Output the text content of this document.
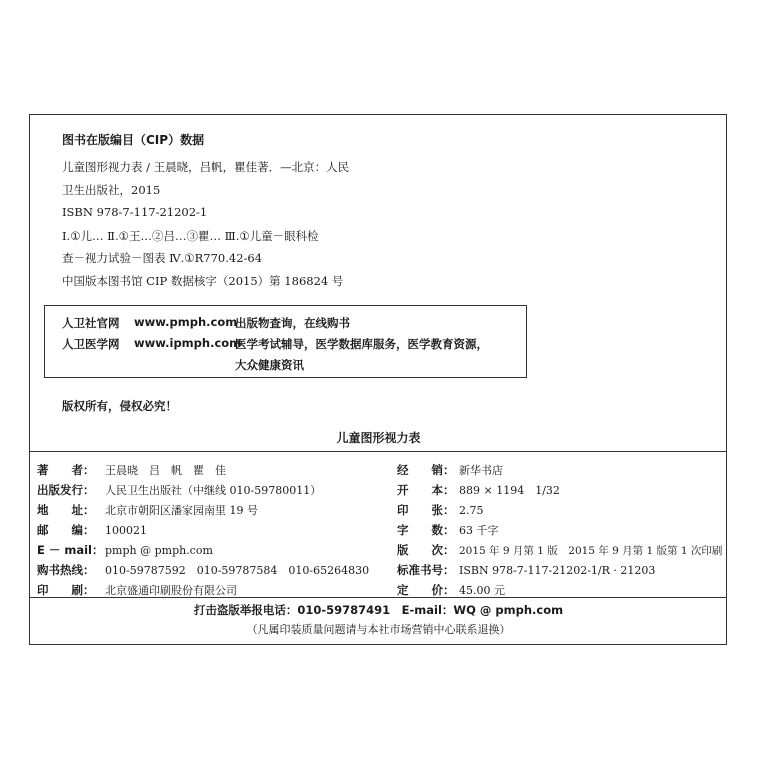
图书在版编目（CIP）数据
儿童图形视力表 / 王晨晓，吕帆，瞿佳著．—北京：人民
卫生出版社，2015
ISBN 978-7-117-21202-1
Ⅰ.①儿… Ⅱ.①王…②吕…③瞿… Ⅲ.①儿童－眼科检
查－视力试验－图表 Ⅳ.①R770.42-64
中国版本图书馆 CIP 数据核字（2015）第 186824 号
人卫社官网 www.pmph.com
出版物查询，在线购书
人卫医学网 www.ipmph.com
医学考试辅导，医学数据库服务，医学教育资源，
大众健康资讯
版权所有，侵权必究！
儿童图形视力表
著　　者： 王晨晓　吕　帆　瞿　佳
出版发行： 人民卫生出版社（中继线 010-59780011）
地　　址： 北京市朝阳区潘家园南里 19 号
邮　　编： 100021
E － mail： pmph @ pmph.com
购书热线： 010-59787592　010-59787584　010-65264830
印　　刷： 北京盛通印刷股份有限公司
经　　销： 新华书店
开　　本： 889 × 1194　1/32
印　　张： 2.75
字　　数： 63 千字
版　　次： 2015 年 9 月第 1 版　2015 年 9 月第 1 版第 1 次印刷
标准书号： ISBN 978-7-117-21202-1/R · 21203
定　　价： 45.00 元
打击盗版举报电话：010-59787491　E-mail：WQ @ pmph.com
（凡属印装质量问题请与本社市场营销中心联系退换）
